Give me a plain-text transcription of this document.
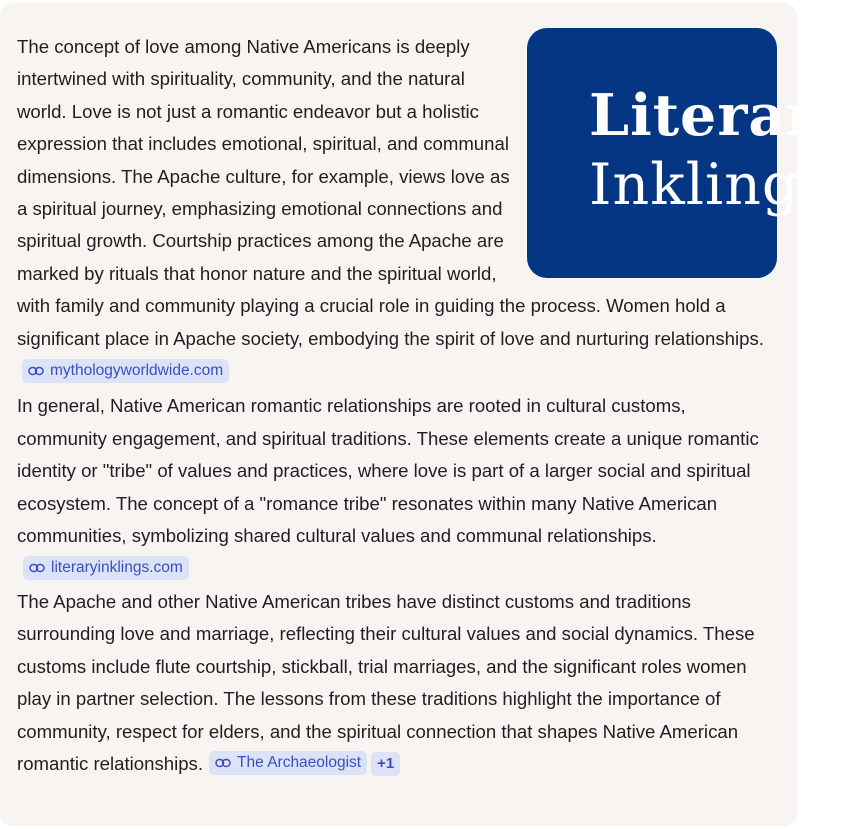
Literary
Inklings

The concept of love among Native Americans is deeply intertwined with spirituality, community, and the natural world. Love is not just a romantic endeavor but a holistic expression that includes emotional, spiritual, and communal dimensions. The Apache culture, for example, views love as a spiritual journey, emphasizing emotional connections and spiritual growth. Courtship practices among the Apache are marked by rituals that honor nature and the spiritual world, with family and community playing a crucial role in guiding the process. Women hold a significant place in Apache society, embodying the spirit of love and nurturing relationships.

mythologyworldwide.com

In general, Native American romantic relationships are rooted in cultural customs, community engagement, and spiritual traditions. These elements create a unique romantic identity or "tribe" of values and practices, where love is part of a larger social and spiritual ecosystem. The concept of a "romance tribe" resonates within many Native American communities, symbolizing shared cultural values and communal relationships.
literaryinklings.com

The Apache and other Native American tribes have distinct customs and traditions surrounding love and marriage, reflecting their cultural values and social dynamics. These customs include flute courtship, stickball, trial marriages, and the significant roles women play in partner selection. The lessons from these traditions highlight the importance of community, respect for elders, and the spiritual connection that shapes Native American romantic relationships. The Archaeologist +1
